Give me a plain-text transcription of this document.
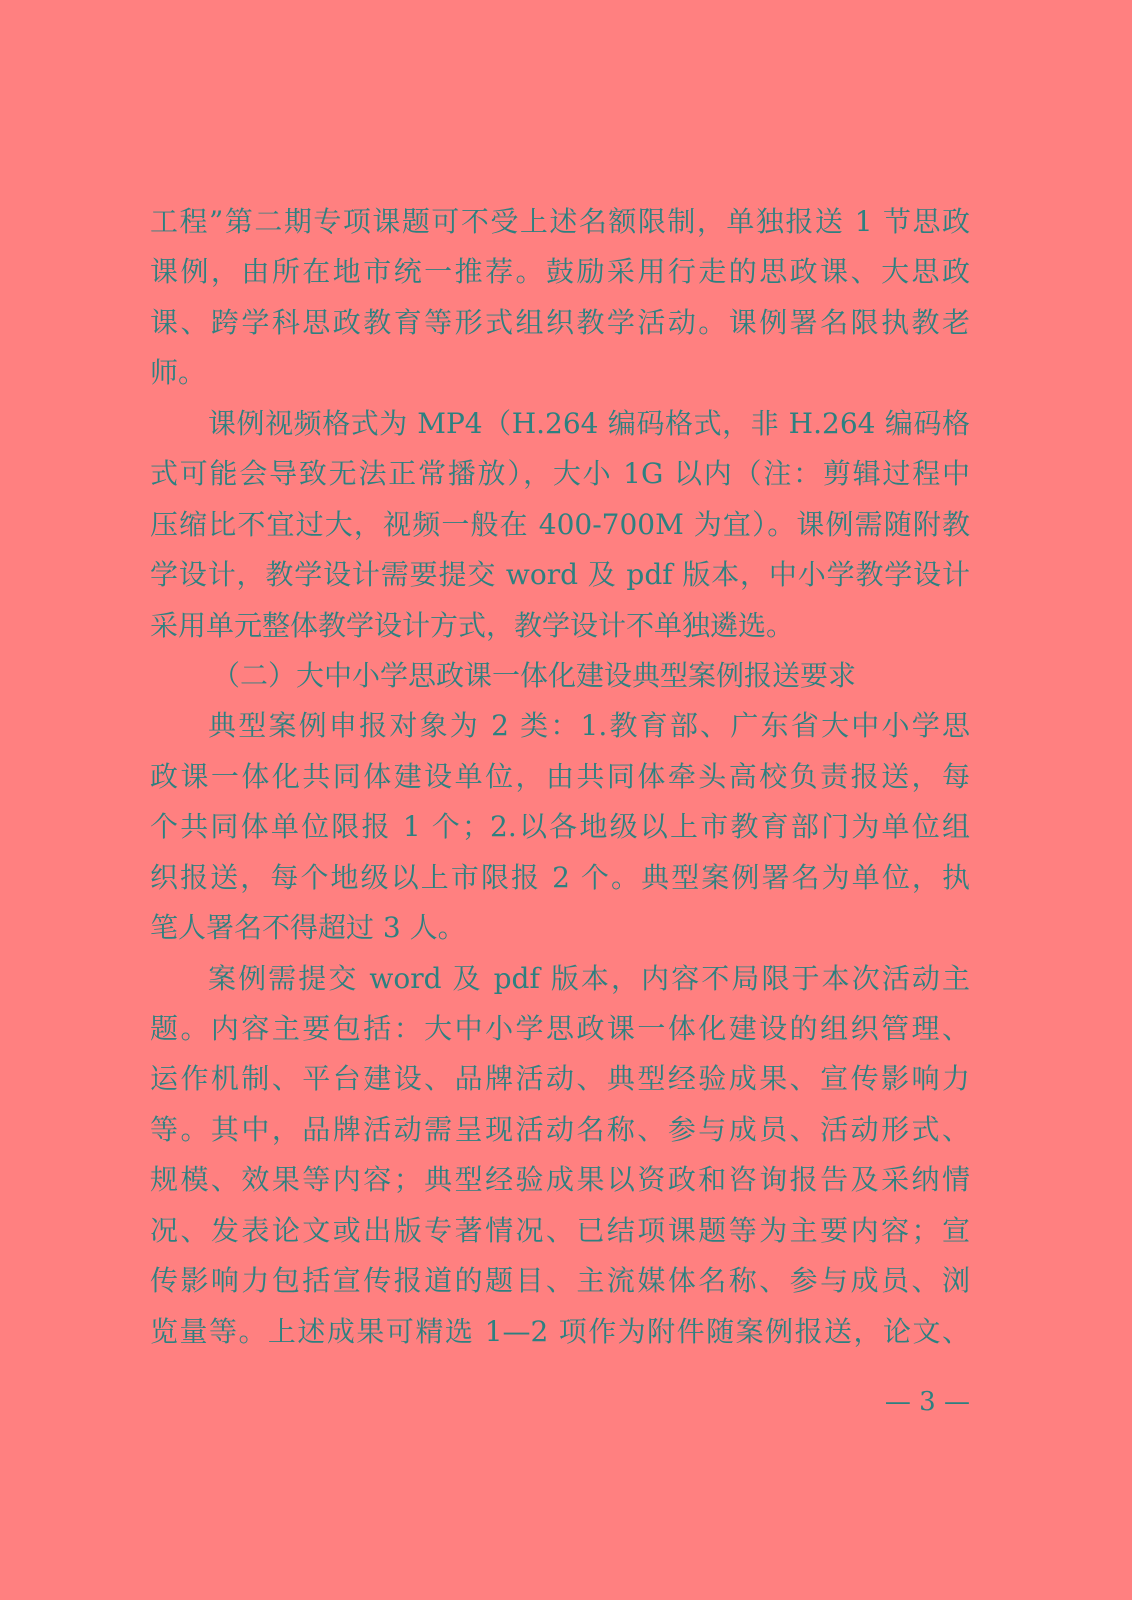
工程”第二期专项课题可不受上述名额限制，单独报送 1 节思政
课例，由所在地市统一推荐。鼓励采用行走的思政课、大思政
课、跨学科思政教育等形式组织教学活动。课例署名限执教老
师。
课例视频格式为 MP4（H.264 编码格式，非 H.264 编码格
式可能会导致无法正常播放），大小 1G 以内（注：剪辑过程中
压缩比不宜过大，视频一般在 400-700M 为宜）。课例需随附教
学设计，教学设计需要提交 word 及 pdf 版本，中小学教学设计
采用单元整体教学设计方式，教学设计不单独遴选。
（二）大中小学思政课一体化建设典型案例报送要求
典型案例申报对象为 2 类：1.教育部、广东省大中小学思
政课一体化共同体建设单位，由共同体牵头高校负责报送，每
个共同体单位限报 1 个；2.以各地级以上市教育部门为单位组
织报送，每个地级以上市限报 2 个。典型案例署名为单位，执
笔人署名不得超过 3 人。
案例需提交 word 及 pdf 版本，内容不局限于本次活动主
题。内容主要包括：大中小学思政课一体化建设的组织管理、
运作机制、平台建设、品牌活动、典型经验成果、宣传影响力
等。其中，品牌活动需呈现活动名称、参与成员、活动形式、
规模、效果等内容；典型经验成果以资政和咨询报告及采纳情
况、发表论文或出版专著情况、已结项课题等为主要内容；宣
传影响力包括宣传报道的题目、主流媒体名称、参与成员、浏
览量等。上述成果可精选 1—2 项作为附件随案例报送，论文、
— 3 —
